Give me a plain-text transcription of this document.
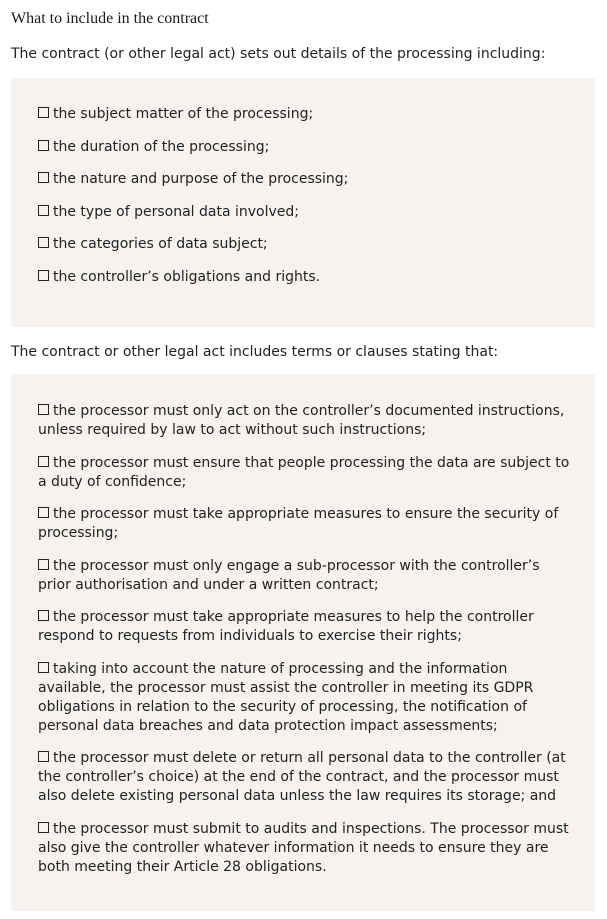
What to include in the contract
The contract (or other legal act) sets out details of the processing including:
the subject matter of the processing;
the duration of the processing;
the nature and purpose of the processing;
the type of personal data involved;
the categories of data subject;
the controller’s obligations and rights.
The contract or other legal act includes terms or clauses stating that:
the processor must only act on the controller’s documented instructions, unless required by law to act without such instructions;
the processor must ensure that people processing the data are subject to a duty of confidence;
the processor must take appropriate measures to ensure the security of processing;
the processor must only engage a sub-processor with the controller’s prior authorisation and under a written contract;
the processor must take appropriate measures to help the controller respond to requests from individuals to exercise their rights;
taking into account the nature of processing and the information available, the processor must assist the controller in meeting its GDPR obligations in relation to the security of processing, the notification of personal data breaches and data protection impact assessments;
the processor must delete or return all personal data to the controller (at the controller’s choice) at the end of the contract, and the processor must also delete existing personal data unless the law requires its storage; and
the processor must submit to audits and inspections. The processor must also give the controller whatever information it needs to ensure they are both meeting their Article 28 obligations.
